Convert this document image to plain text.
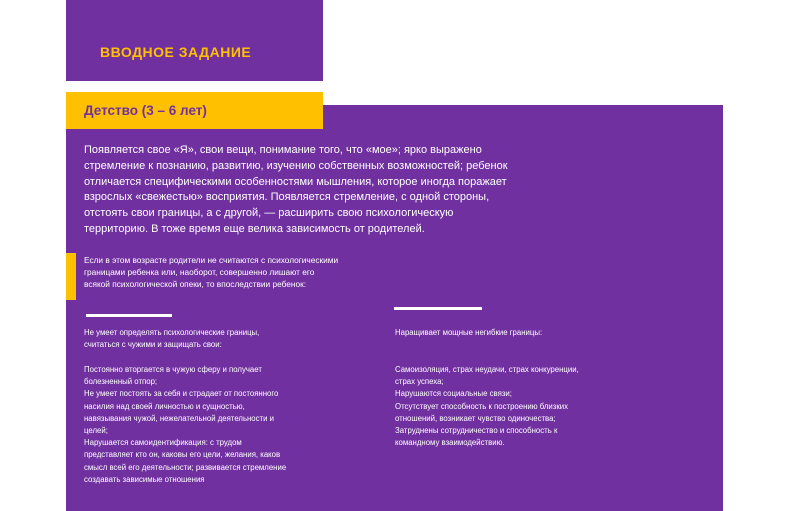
ВВОДНОЕ ЗАДАНИЕ
Детство (3 – 6 лет)
Появляется свое «Я», свои вещи, понимание того, что «мое»; ярко выражено
стремление к познанию, развитию, изучению собственных возможностей; ребенок
отличается специфическими особенностями мышления, которое иногда поражает
взрослых «свежестью» восприятия. Появляется стремление, с одной стороны,
отстоять свои границы, а с другой, — расширить свою психологическую
территорию. В тоже время еще велика зависимость от родителей.
Если в этом возрасте родители не считаются с психологическими
границами ребенка или, наоборот, совершенно лишают его
всякой психологической опеки, то впоследствии ребенок:
Не умеет определять психологические границы,
считаться с чужими и защищать свои:
Постоянно вторгается в чужую сферу и получает
болезненный отпор;
Не умеет постоять за себя и страдает от постоянного
насилия над своей личностью и сущностью,
навязывания чужой, нежелательной деятельности и
целей;
Нарушается самоидентификация: с трудом
представляет кто он, каковы его цели, желания, каков
смысл всей его деятельности; развивается стремление
создавать зависимые отношения
Наращивает мощные негибкие границы:
Самоизоляция, страх неудачи, страх конкуренции,
страх успеха;
Нарушаются социальные связи;
Отсутствует способность к построению близких
отношений, возникает чувство одиночества;
Затруднены сотрудничество и способность к
командному взаимодействию.
